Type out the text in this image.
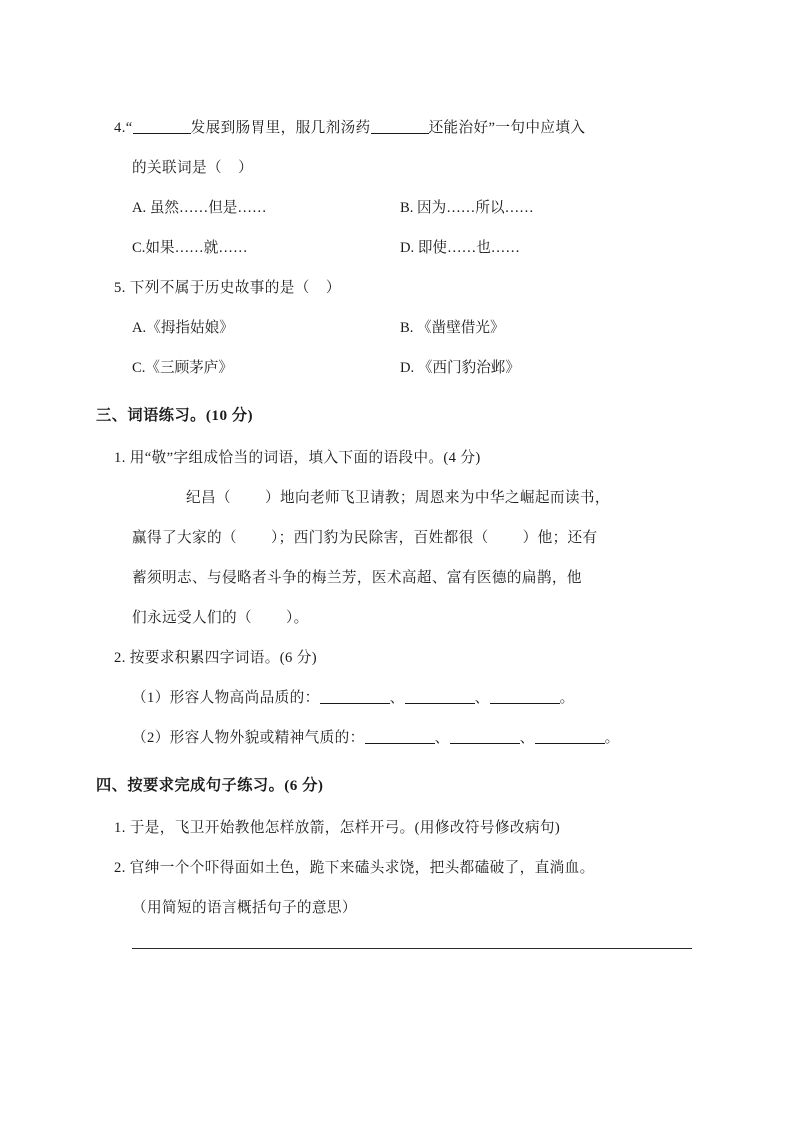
4.“	发展到肠胃里，服几剂汤药	还能治好”一句中应填入
的关联词是（    ）
A. 虽然……但是……	B. 因为……所以……
C.如果……就……	D. 即使……也……
5. 下列不属于历史故事的是（    ）
A.《拇指姑娘》	B. 《凿壁借光》
C.《三顾茅庐》	D. 《西门豹治邺》
三、词语练习。(10 分)
1. 用“敬”字组成恰当的词语，填入下面的语段中。(4 分)
纪昌（ ）地向老师飞卫请教；周恩来为中华之崛起而读书，
赢得了大家的（ ）；西门豹为民除害，百姓都很（ ）他；还有
蓄须明志、与侵略者斗争的梅兰芳，医术高超、富有医德的扁鹊，他
们永远受人们的（ ）。
2. 按要求积累四字词语。(6 分)
（1）形容人物高尚品质的：	、	、	。
（2）形容人物外貌或精神气质的：	、	、	。
四、按要求完成句子练习。(6 分)
1. 于是，飞卫开始教他怎样放箭，怎样开弓。(用修改符号修改病句)
2. 官绅一个个吓得面如土色，跪下来磕头求饶，把头都磕破了，直淌血。
（用简短的语言概括句子的意思）
